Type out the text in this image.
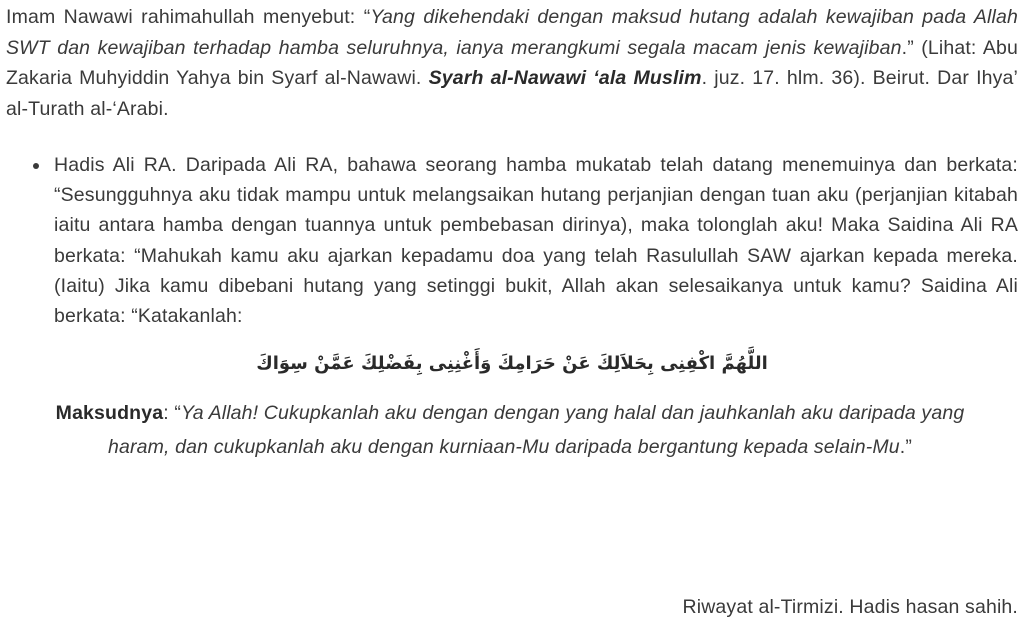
Imam Nawawi rahimahullah menyebut: “Yang dikehendaki dengan maksud hutang adalah kewajiban pada Allah SWT dan kewajiban terhadap hamba seluruhnya, ianya merangkumi segala macam jenis kewajiban.” (Lihat: Abu Zakaria Muhyiddin Yahya bin Syarf al-Nawawi. Syarh al-Nawawi ‘ala Muslim. juz. 17. hlm. 36). Beirut. Dar Ihya’ al-Turath al-‘Arabi.

Hadis Ali RA. Daripada Ali RA, bahawa seorang hamba mukatab telah datang menemuinya dan berkata: “Sesungguhnya aku tidak mampu untuk melangsaikan hutang perjanjian dengan tuan aku (perjanjian kitabah iaitu antara hamba dengan tuannya untuk pembebasan dirinya), maka tolonglah aku! Maka Saidina Ali RA berkata: “Mahukah kamu aku ajarkan kepadamu doa yang telah Rasulullah SAW ajarkan kepada mereka. (Iaitu) Jika kamu dibebani hutang yang setinggi bukit, Allah akan selesaikanya untuk kamu? Saidina Ali berkata: “Katakanlah:
اللَّهُمَّ اكْفِنِى بِحَلاَلِكَ عَنْ حَرَامِكَ وَأَغْنِنِى بِفَضْلِكَ عَمَّنْ سِوَاكَ
Maksudnya: “Ya Allah! Cukupkanlah aku dengan dengan yang halal dan jauhkanlah aku daripada yang haram, dan cukupkanlah aku dengan kurniaan-Mu daripada bergantung kepada selain-Mu.”
Riwayat al-Tirmizi. Hadis hasan sahih.
